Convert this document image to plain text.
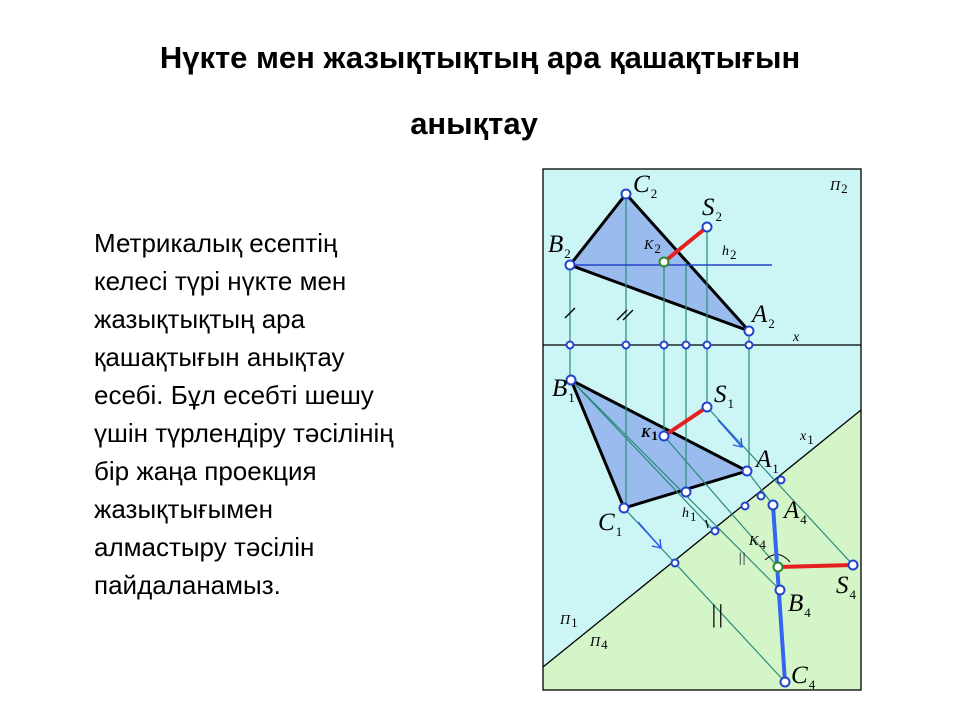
Нүкте мен жазықтықтың ара қашақтығын
анықтау
Метрикалық есептің
келесі түрі нүкте мен
жазықтықтың ара
қашақтығын анықтау
есебі. Бұл есебті шешу
үшін түрлендіру тәсілінің
бір жаңа проекция
жазықтығымен
алмастыру тәсілін
пайдаланамыз.
||
||
$C_2$
$S_2$
$B_2$
K2	h2
$A_2$
x
П2
$B_1$	$S_1$
K1	x1
$A_1$
$C_1$
h1
П1
$A_4$
K4
$S_4$
$B_4$
$C_4$
П4
